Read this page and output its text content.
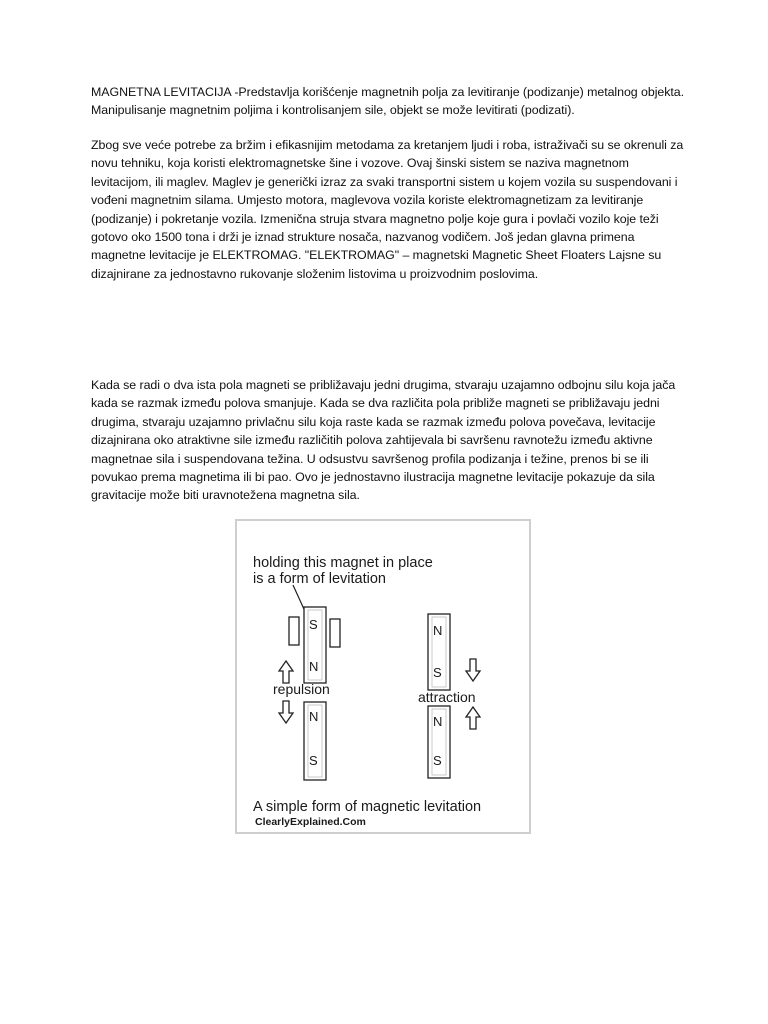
MAGNETNA LEVITACIJA -Predstavlja korišćenje magnetnih polja za levitiranje (podizanje) metalnog objekta. Manipulisanje magnetnim poljima i kontrolisanjem sile, objekt se može levitirati (podizati).

Zbog sve veće potrebe za bržim i efikasnijim metodama za kretanjem ljudi i roba, istraživači su se okrenuli za novu tehniku, koja koristi elektromagnetske šine i vozove. Ovaj šinski sistem se naziva magnetnom levitacijom, ili maglev. Maglev je generički izraz za svaki transportni sistem u kojem vozila su suspendovani i vođeni magnetnim silama. Umjesto motora, maglevova vozila koriste elektromagnetizam za levitiranje (podizanje) i pokretanje vozila. Izmenična struja stvara magnetno polje koje gura i povlači vozilo koje teži gotovo oko 1500 tona i drži je iznad strukture nosača, nazvanog vodičem. Još jedan glavna primena magnetne levitacije je ELEKTROMAG. "ELEKTROMAG" – magnetski Magnetic Sheet Floaters Lajsne su dizajnirane za jednostavno rukovanje složenim listovima u proizvodnim poslovima.

Kada se radi o dva ista pola magneti se približavaju jedni drugima, stvaraju uzajamno odbojnu silu koja jača kada se razmak između polova smanjuje. Kada se dva različita pola približe magneti se približavaju jedni drugima, stvaraju uzajamno privlačnu silu koja raste kada se razmak između polova povečava, levitacije dizajnirana oko atraktivne sile između različitih polova zahtijevala bi savršenu ravnotežu između aktivne magnetnae sila i suspendovana težina. U odsustvu savršenog profila podizanja i težine, prenos bi se ili povukao prema magnetima ili bi pao. Ovo je jednostavno ilustracija magnetne levitacije pokazuje da sila gravitacije može biti uravnotežena magnetna sila.

holding this magnet in place
is a form of levitation
S
N
repulsion
N
S
N
S
attraction
N
S
A simple form of magnetic levitation
ClearlyExplained.Com
